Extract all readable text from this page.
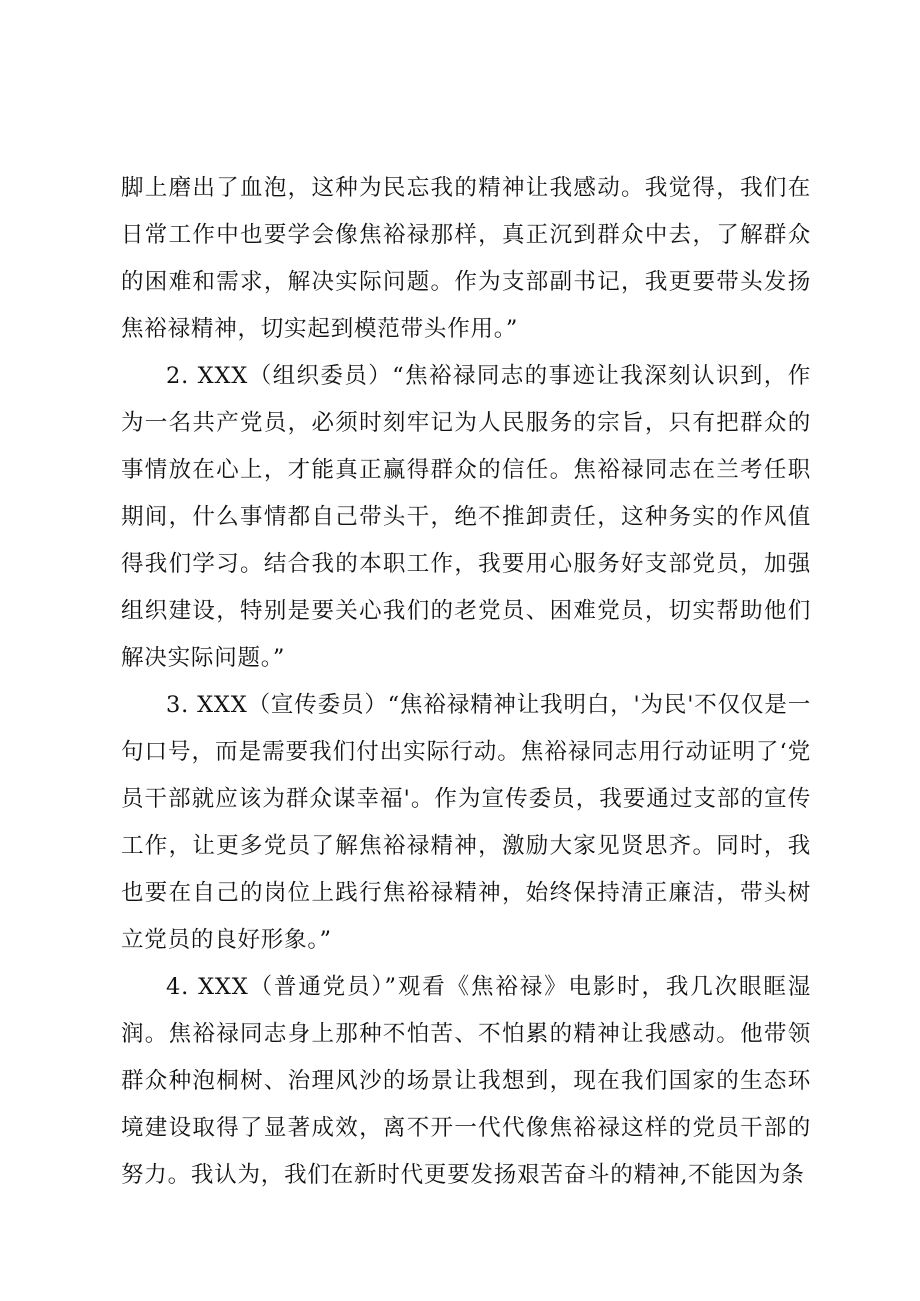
脚上磨出了血泡，这种为民忘我的精神让我感动。我觉得，我们在日常工作中也要学会像焦裕禄那样，真正沉到群众中去，了解群众的困难和需求，解决实际问题。作为支部副书记，我更要带头发扬焦裕禄精神，切实起到模范带头作用。”

2. XXX（组织委员）“焦裕禄同志的事迹让我深刻认识到，作为一名共产党员，必须时刻牢记为人民服务的宗旨，只有把群众的事情放在心上，才能真正赢得群众的信任。焦裕禄同志在兰考任职期间，什么事情都自己带头干，绝不推卸责任，这种务实的作风值得我们学习。结合我的本职工作，我要用心服务好支部党员，加强组织建设，特别是要关心我们的老党员、困难党员，切实帮助他们解决实际问题。”

3. XXX（宣传委员）“焦裕禄精神让我明白，'为民'不仅仅是一句口号，而是需要我们付出实际行动。焦裕禄同志用行动证明了‘党员干部就应该为群众谋幸福'。作为宣传委员，我要通过支部的宣传工作，让更多党员了解焦裕禄精神，激励大家见贤思齐。同时，我也要在自己的岗位上践行焦裕禄精神，始终保持清正廉洁，带头树立党员的良好形象。”

4. XXX（普通党员）”观看《焦裕禄》电影时，我几次眼眶湿润。焦裕禄同志身上那种不怕苦、不怕累的精神让我感动。他带领群众种泡桐树、治理风沙的场景让我想到，现在我们国家的生态环境建设取得了显著成效，离不开一代代像焦裕禄这样的党员干部的努力。我认为，我们在新时代更要发扬艰苦奋斗的精神,不能因为条
